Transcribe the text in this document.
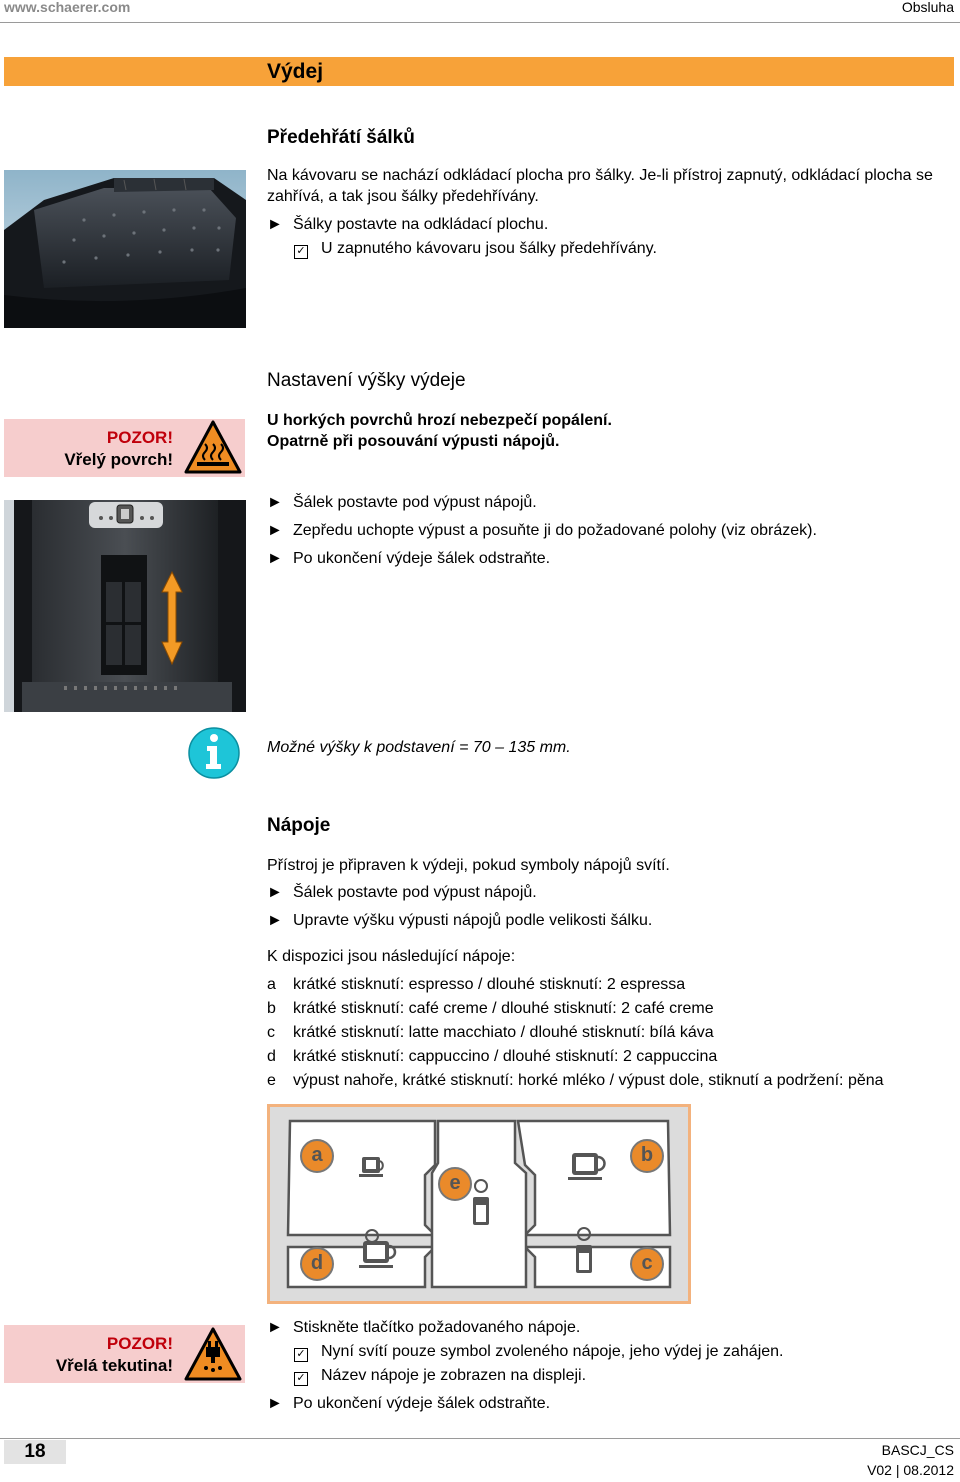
www.schaerer.com	Obsluha
Výdej
Předehřátí šálků
Na kávovaru se nachází odkládací plocha pro šálky. Je-li přístroj zapnutý, odkládací plocha se zahřívá, a tak jsou šálky předehřívány.
► Šálky postavte na odkládací plochu.
✓ U zapnutého kávovaru jsou šálky předehřívány.
Nastavení výšky výdeje
POZOR!
Vřelý povrch!
U horkých povrchů hrozí nebezpečí popálení.
Opatrně při posouvání výpusti nápojů.
► Šálek postavte pod výpust nápojů.
► Zepředu uchopte výpust a posuňte ji do požadované polohy (viz obrázek).
► Po ukončení výdeje šálek odstraňte.
Možné výšky k podstavení = 70 – 135 mm.
Nápoje
Přístroj je připraven k výdeji, pokud symboly nápojů svítí.
► Šálek postavte pod výpust nápojů.
► Upravte výšku výpusti nápojů podle velikosti šálku.
K dispozici jsou následující nápoje:
a krátké stisknutí: espresso / dlouhé stisknutí: 2 espressa
b krátké stisknutí: café creme / dlouhé stisknutí: 2 café creme
c krátké stisknutí: latte macchiato / dlouhé stisknutí: bílá káva
d krátké stisknutí: cappuccino / dlouhé stisknutí: 2 cappuccina
e výpust nahoře, krátké stisknutí: horké mléko / výpust dole, stiknutí a podržení: pěna
a	b
e
d	c
POZOR!
Vřelá tekutina!
► Stiskněte tlačítko požadovaného nápoje.
✓ Nyní svítí pouze symbol zvoleného nápoje, jeho výdej je zahájen.
✓ Název nápoje je zobrazen na displeji.
► Po ukončení výdeje šálek odstraňte.
18	BASCJ_CS
V02 | 08.2012
